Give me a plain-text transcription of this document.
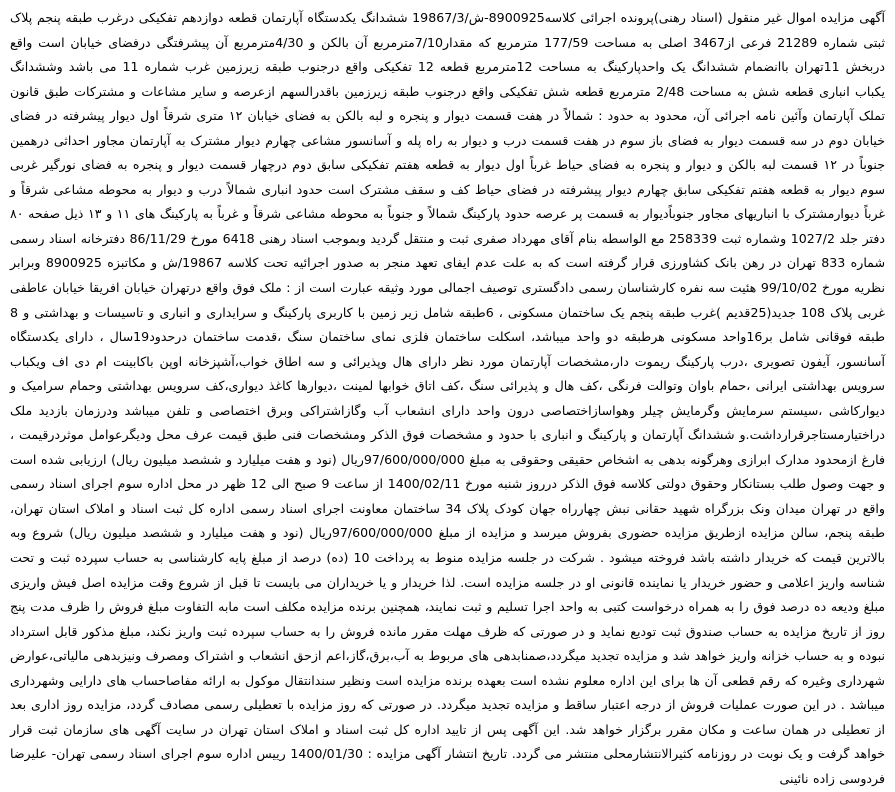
آگهی مزایده اموال غیر منقول (اسناد رهنی)پرونده اجرائی کلاسه8900925-ش/19867/3 ششدانگ یکدستگاه آپارتمان قطعه دوازدهم تفکیکی درغرب طبقه پنجم پلاک ثبتی شماره 21289 فرعی از3467 اصلی به مساحت 177/59 مترمربع که مقدار7/10مترمربع آن بالکن و 4/30مترمربع آن پیشرفتگی درفضای خیابان است واقع دربخش 11تهران باانضمام ششدانگ یک واحدپارکینگ به مساحت 12مترمربع قطعه 12 تفکیکی واقع درجنوب طبقه زیرزمین غرب شماره 11 می باشد وششدانگ یکباب انباری قطعه شش به مساحت 2/48 مترمربع قطعه شش تفکیکی واقع درجنوب طبقه زیرزمین باقدرالسهم ازعرصه و سایر مشاعات و مشترکات طبق قانون تملک آپارتمان وآئین نامه اجرائی آن، محدود به حدود : شمالاً در هفت قسمت دیوار و پنجره و لبه بالکن به فضای خیابان ۱۲ متری شرقاً اول دیوار پیشرفته در فضای خیابان دوم در سه قسمت دیوار به فضای باز سوم در هفت قسمت درب و دیوار به راه پله و آسانسور مشاعی چهارم دیوار مشترک به آپارتمان مجاور احداثی درهمین جنوباً در ۱۲ قسمت لبه بالکن و دیوار و پنجره به فضای حیاط غرباً اول دیوار به قطعه هفتم تفکیکی سابق دوم درچهار قسمت دیوار و پنجره به فضای نورگیر غربی سوم دیوار به قطعه هفتم تفکیکی سابق چهارم دیوار پیشرفته در فضای حیاط کف و سقف مشترک است حدود انباری شمالاً درب و دیوار به محوطه مشاعی شرقاً و غرباً دیوارمشترک با انباریهای مجاور جنوباًدیوار به قسمت پر عرصه حدود پارکینگ شمالاً و جنوباً به محوطه مشاعی شرقاً و غرباً به پارکینگ های ۱۱ و ۱۳ ذیل صفحه ۸۰ دفتر جلد 1027/2 وشماره ثبت 258339 مع الواسطه بنام آقای مهرداد صفری ثبت و منتقل گردید وبموجب اسناد رهنی 6418 مورخ 86/11/29 دفترخانه اسناد رسمی شماره 833 تهران در رهن بانک کشاورزی قرار گرفته است که به علت عدم ایفای تعهد منجر به صدور اجرائیه تحت کلاسه 19867/ش و مکاتبزه 8900925 وبرابر نظریه مورخ 99/10/02 هئیت سه نفره کارشناسان رسمی دادگستری توصیف اجمالی مورد وثیقه عبارت است از : ملک فوق واقع درتهران خیابان افریقا خیابان عاطفی غربی پلاک 108 جدید(25قدیم )غرب طبقه پنجم یک ساختمان مسکونی ، 6طبقه شامل زیر زمین با کاربری پارکینگ و سرایداری و انباری و تاسیسات و بهداشتی و 8 طبقه فوقانی شامل بر16واحد مسکونی هرطبقه دو واحد میباشد، اسکلت ساختمان فلزی نمای ساختمان سنگ ،قدمت ساختمان درحدود19سال ، دارای یکدستگاه آسانسور، آیفون تصویری ،درب پارکینگ ریموت دار،مشخصات آپارتمان مورد نظر دارای هال وپذیرائی و سه اطاق خواب،آشپزخانه اوپن باکابینت ام دی اف ویکباب سرویس بهداشتی ایرانی ،حمام باوان وتوالت فرنگی ،کف هال و پذیرائی سنگ ،کف اتاق خوابها لمینت ،دیوارها کاغذ دیواری،کف سرویس بهداشتی وحمام سرامیک و دیوارکاشی ،سیستم سرمایش وگرمایش چیلر وهواسازاختصاصی درون واحد دارای انشعاب آب وگازاشتراکی وبرق اختصاصی و تلفن میباشد ودرزمان بازدید ملک دراختیارمستاجرقرارداشت.و ششدانگ آپارتمان و پارکینگ و انباری با حدود و مشخصات فوق الذکر ومشخصات فنی طبق قیمت عرف محل ودیگرعوامل موثردرقیمت ، فارغ ازمحدود مدارک ابرازی وهرگونه بدهی به اشخاص حقیقی وحقوقی به مبلغ 97/600/000/000ریال (نود و هفت میلیارد و ششصد میلیون ریال) ارزیابی شده است و جهت وصول طلب بستانکار وحقوق دولتی کلاسه فوق الذکر درروز شنبه مورخ 1400/02/11 از ساعت 9 صبح الی 12 ظهر در محل اداره سوم اجرای اسناد رسمی واقع در تهران میدان ونک بزرگراه شهید حقانی نبش چهارراه جهان کودک پلاک 34 ساختمان معاونت اجرای اسناد رسمی اداره کل ثبت اسناد و املاک استان تهران، طبقه پنجم، سالن مزایده ازطریق مزایده حضوری بفروش میرسد و مزایده از مبلغ 97/600/000/000ریال (نود و هفت میلیارد و ششصد میلیون ریال) شروع وبه بالاترین قیمت که خریدار داشته باشد فروخته میشود . شرکت در جلسه مزایده منوط به پرداخت 10 (ده) درصد از مبلغ پایه کارشناسی به حساب سپرده ثبت و تحت شناسه واریز اعلامی و حضور خریدار یا نماینده قانونی او در جلسه مزایده است. لذا خریدار و یا خریداران می بایست تا قبل از شروع وقت مزایده اصل فیش واریزی مبلغ ودیعه ده درصد فوق را به همراه درخواست کتبی به واحد اجرا تسلیم و ثبت نمایند، همچنین برنده مزایده مکلف است مابه التفاوت مبلغ فروش را ظرف مدت پنج روز از تاریخ مزایده به حساب صندوق ثبت تودیع نماید و در صورتی که ظرف مهلت مقرر مانده فروش را به حساب سپرده ثبت واریز نکند، مبلغ مذکور قابل استرداد نبوده و به حساب خزانه واریز خواهد شد و مزایده تجدید میگردد،صمنابدهی های مربوط به آب،برق،گاز،اعم ازحق انشعاب و اشتراک ومصرف ونیزبدهی مالیاتی،عوارض شهرداری وغیره که رقم قطعی آن ها برای این اداره معلوم نشده است بعهده برنده مزایده است ونظیر سندانتقال موکول به ارائه مفاصاحساب های دارایی وشهرداری میباشد . در این صورت عملیات فروش از درجه اعتبار ساقط و مزایده تجدید میگردد. در صورتی که روز مزایده با تعطیلی رسمی مصادف گردد، مزایده روز اداری بعد از تعطیلی در همان ساعت و مکان مقرر برگزار خواهد شد. این آگهی پس از تایید اداره کل ثبت اسناد و املاک استان تهران در سایت آگهی های سازمان ثبت قرار خواهد گرفت و یک نوبت در روزنامه کثیرالانتشارمحلی منتشر می گردد. تاریخ انتشار آگهی مزایده : 1400/01/30 رییس اداره سوم اجرای اسناد رسمی تهران- علیرضا فردوسی زاده نائینی
